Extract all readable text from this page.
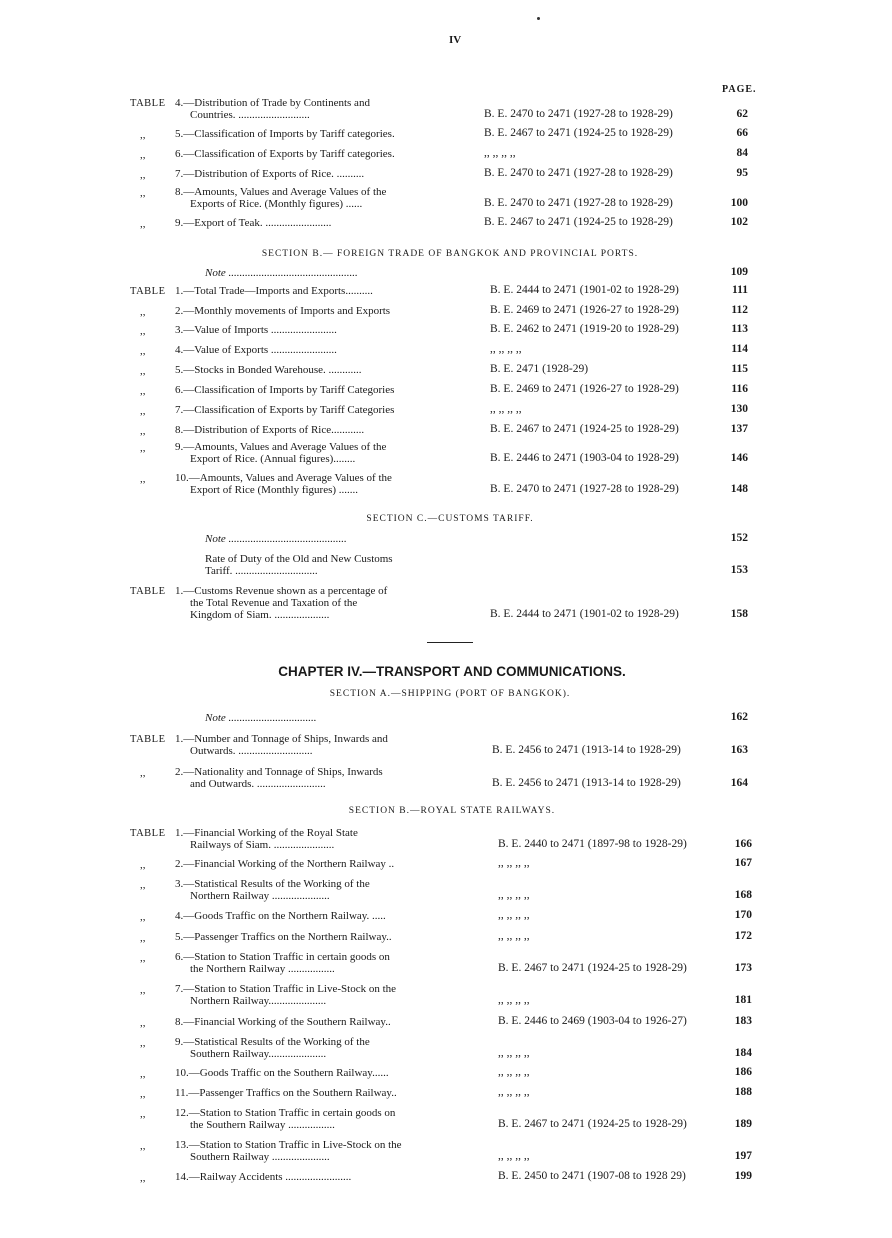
IV
PAGE.
TABLE 4.—Distribution of Trade by Continents and
Countries. ..........................	B. E. 2470 to 2471 (1927-28 to 1928-29)	62
,,	5.—Classification of Imports by Tariff categories.	B. E. 2467 to 2471 (1924-25 to 1928-29)	66
,,	6.—Classification of Exports by Tariff categories.	,, ,, ,, ,,	84
,,	7.—Distribution of Exports of Rice. ..........	B. E. 2470 to 2471 (1927-28 to 1928-29)	95
,,	8.—Amounts, Values and Average Values of the
Exports of Rice. (Monthly figures) ......	B. E. 2470 to 2471 (1927-28 to 1928-29)	100
,,	9.—Export of Teak. ........................	B. E. 2467 to 2471 (1924-25 to 1928-29)	102
SECTION B.— FOREIGN TRADE OF BANGKOK AND PROVINCIAL PORTS.
Note ...............................................	109
TABLE 1.—Total Trade—Imports and Exports..........	B. E. 2444 to 2471 (1901-02 to 1928-29)	111
,,	2.—Monthly movements of Imports and Exports	B. E. 2469 to 2471 (1926-27 to 1928-29)	112
,,	3.—Value of Imports ........................	B. E. 2462 to 2471 (1919-20 to 1928-29)	113
,,	4.—Value of Exports ........................	,, ,, ,, ,,	114
,,	5.—Stocks in Bonded Warehouse. ............	B. E. 2471 (1928-29)	115
,,	6.—Classification of Imports by Tariff Categories	B. E. 2469 to 2471 (1926-27 to 1928-29)	116
,,	7.—Classification of Exports by Tariff Categories	,, ,, ,, ,,	130
,,	8.—Distribution of Exports of Rice............	B. E. 2467 to 2471 (1924-25 to 1928-29)	137
,,	9.—Amounts, Values and Average Values of the
Export of Rice. (Annual figures)........	B. E. 2446 to 2471 (1903-04 to 1928-29)	146
,,	10.—Amounts, Values and Average Values of the
Export of Rice (Monthly figures) .......	B. E. 2470 to 2471 (1927-28 to 1928-29)	148
SECTION C.—CUSTOMS TARIFF.
Note ...........................................	152
Rate of Duty of the Old and New Customs
Tariff. ..............................	153
TABLE 1.—Customs Revenue shown as a percentage of
the Total Revenue and Taxation of the
Kingdom of Siam. ....................	B. E. 2444 to 2471 (1901-02 to 1928-29)	158
CHAPTER IV.—TRANSPORT AND COMMUNICATIONS.
SECTION A.—SHIPPING (PORT OF BANGKOK).
Note ................................	162
TABLE 1.—Number and Tonnage of Ships, Inwards and
Outwards. ...........................	B. E. 2456 to 2471 (1913-14 to 1928-29)	163
,,	2.—Nationality and Tonnage of Ships, Inwards
and Outwards. .........................	B. E. 2456 to 2471 (1913-14 to 1928-29)	164
SECTION B.—ROYAL STATE RAILWAYS.
TABLE 1.—Financial Working of the Royal State
Railways of Siam. ......................	B. E. 2440 to 2471 (1897-98 to 1928-29)	166
,,	2.—Financial Working of the Northern Railway ..	,, ,, ,, ,,	167
,,	3.—Statistical Results of the Working of the
Northern Railway .....................	,, ,, ,, ,,	168
,,	4.—Goods Traffic on the Northern Railway. .....	,, ,, ,, ,,	170
,,	5.—Passenger Traffics on the Northern Railway..	,, ,, ,, ,,	172
,,	6.—Station to Station Traffic in certain goods on
the Northern Railway .................	B. E. 2467 to 2471 (1924-25 to 1928-29)	173
,,	7.—Station to Station Traffic in Live-Stock on the
Northern Railway.....................	,, ,, ,, ,,	181
,,	8.—Financial Working of the Southern Railway..	B. E. 2446 to 2469 (1903-04 to 1926-27)	183
,,	9.—Statistical Results of the Working of the
Southern Railway.....................	,, ,, ,, ,,	184
,,	10.—Goods Traffic on the Southern Railway......	,, ,, ,, ,,	186
,,	11.—Passenger Traffics on the Southern Railway..	,, ,, ,, ,,	188
,,	12.—Station to Station Traffic in certain goods on
the Southern Railway .................	B. E. 2467 to 2471 (1924-25 to 1928-29)	189
,,	13.—Station to Station Traffic in Live-Stock on the
Southern Railway .....................	,, ,, ,, ,,	197
,,	14.—Railway Accidents ........................	B. E. 2450 to 2471 (1907-08 to 1928 29)	199
